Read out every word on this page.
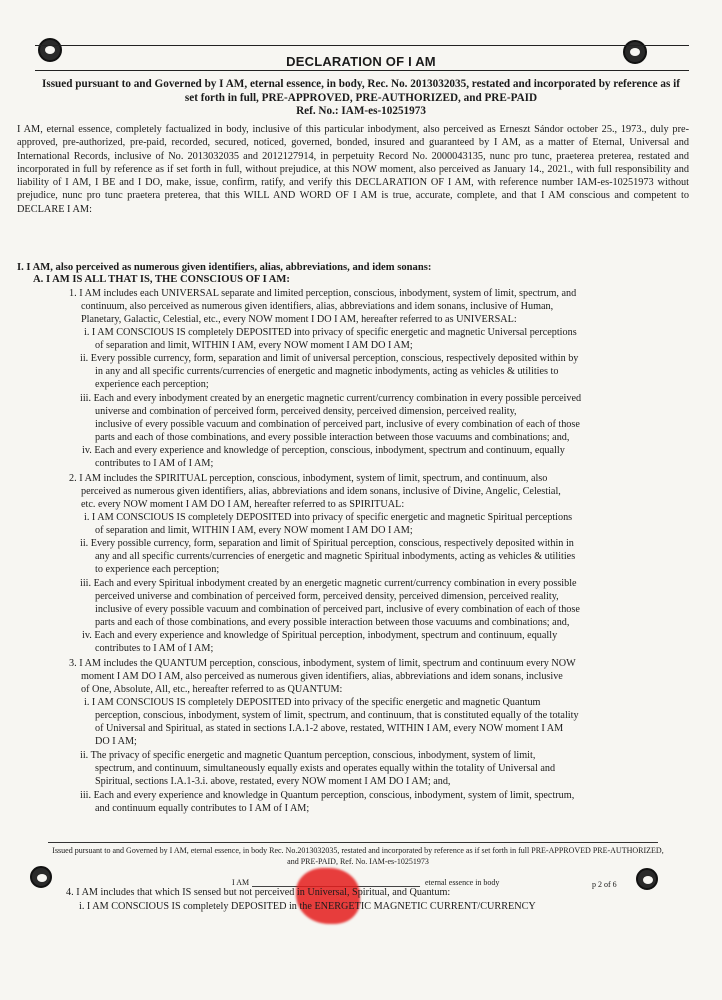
DECLARATION OF I AM
Issued pursuant to and Governed by I AM, eternal essence, in body, Rec. No. 2013032035, restated and incorporated by reference as if set forth in full, PRE-APPROVED, PRE-AUTHORIZED, and PRE-PAID
Ref. No.: IAM-es-10251973
I AM, eternal essence, completely factualized in body, inclusive of this particular inbodyment, also perceived as Erneszt Sándor october 25., 1973., duly pre-approved, pre-authorized, pre-paid, recorded, secured, noticed, governed, bonded, insured and guaranteed by I AM, as a matter of Eternal, Universal and International Records, inclusive of No. 2013032035 and 2012127914, in perpetuity Record No. 2000043135, nunc pro tunc, praeterea preterea, restated and incorporated in full by reference as if set forth in full, without prejudice, at this NOW moment, also perceived as January 14., 2021., with full responsibility and liability of I AM, I BE and I DO, make, issue, confirm, ratify, and verify this DECLARATION OF I AM, with reference number IAM-es-10251973 without prejudice, nunc pro tunc praetera preterea, that this WILL AND WORD OF I AM is true, accurate, complete, and that I AM conscious and competent to DECLARE I AM:
I. I AM, also perceived as numerous given identifiers, alias, abbreviations, and idem sonans:
A. I AM IS ALL THAT IS, THE CONSCIOUS OF I AM:
1. I AM includes each UNIVERSAL separate and limited perception, conscious, inbodyment, system of limit, spectrum, and
continuum, also perceived as numerous given identifiers, alias, abbreviations and idem sonans, inclusive of Human,
Planetary, Galactic, Celestial, etc., every NOW moment I DO I AM, hereafter referred to as UNIVERSAL:
i. I AM CONSCIOUS IS completely DEPOSITED into privacy of specific energetic and magnetic Universal perceptions
of separation and limit, WITHIN I AM, every NOW moment I AM DO I AM;
ii. Every possible currency, form, separation and limit of universal perception, conscious, respectively deposited within by
in any and all specific currents/currencies of energetic and magnetic inbodyments, acting as vehicles & utilities to
experience each perception;
iii. Each and every inbodyment created by an energetic magnetic current/currency combination in every possible perceived
universe and combination of perceived form, perceived density, perceived dimension, perceived reality,
inclusive of every possible vacuum and combination of perceived part, inclusive of every combination of each of those
parts and each of those combinations, and every possible interaction between those vacuums and combinations; and,
iv. Each and every experience and knowledge of perception, conscious, inbodyment, spectrum and continuum, equally
contributes to I AM of I AM;
2. I AM includes the SPIRITUAL perception, conscious, inbodyment, system of limit, spectrum, and continuum, also
perceived as numerous given identifiers, alias, abbreviations and idem sonans, inclusive of Divine, Angelic, Celestial,
etc. every NOW moment I AM DO I AM, hereafter referred to as SPIRITUAL:
i. I AM CONSCIOUS IS completely DEPOSITED into privacy of specific energetic and magnetic Spiritual perceptions
of separation and limit, WITHIN I AM, every NOW moment I AM DO I AM;
ii. Every possible currency, form, separation and limit of Spiritual perception, conscious, respectively deposited within in
any and all specific currents/currencies of energetic and magnetic Spiritual inbodyments, acting as vehicles & utilities
to experience each perception;
iii. Each and every Spiritual inbodyment created by an energetic magnetic current/currency combination in every possible
perceived universe and combination of perceived form, perceived density, perceived dimension, perceived reality,
inclusive of every possible vacuum and combination of perceived part, inclusive of every combination of each of those
parts and each of those combinations, and every possible interaction between those vacuums and combinations; and,
iv. Each and every experience and knowledge of Spiritual perception, inbodyment, spectrum and continuum, equally
contributes to I AM of I AM;
3. I AM includes the QUANTUM perception, conscious, inbodyment, system of limit, spectrum and continuum every NOW
moment I AM DO I AM, also perceived as numerous given identifiers, alias, abbreviations and idem sonans, inclusive
of One, Absolute, All, etc., hereafter referred to as QUANTUM:
i. I AM CONSCIOUS IS completely DEPOSITED into privacy of the specific energetic and magnetic Quantum
perception, conscious, inbodyment, system of limit, spectrum, and continuum, that is constituted equally of the totality
of Universal and Spiritual, as stated in sections I.A.1-2 above, restated, WITHIN I AM, every NOW moment I AM
DO I AM;
ii. The privacy of specific energetic and magnetic Quantum perception, conscious, inbodyment, system of limit,
spectrum, and continuum, simultaneously equally exists and operates equally within the totality of Universal and
Spiritual, sections I.A.1-3.i. above, restated, every NOW moment I AM DO I AM; and,
iii. Each and every experience and knowledge in Quantum perception, conscious, inbodyment, system of limit, spectrum,
and continuum equally contributes to I AM of I AM;
Issued pursuant to and Governed by I AM, eternal essence, in body Rec. No.2013032035, restated and incorporated by reference as if set forth in full PRE-APPROVED PRE-AUTHORIZED, and PRE-PAID, Ref. No. IAM-es-10251973
I AM	eternal essence in body	p 2 of 6
4. I AM includes that which IS sensed but not perceived in Universal, Spiritual, and Quantum:
i. I AM CONSCIOUS IS completely DEPOSITED in the ENERGETIC MAGNETIC CURRENT/CURRENCY
